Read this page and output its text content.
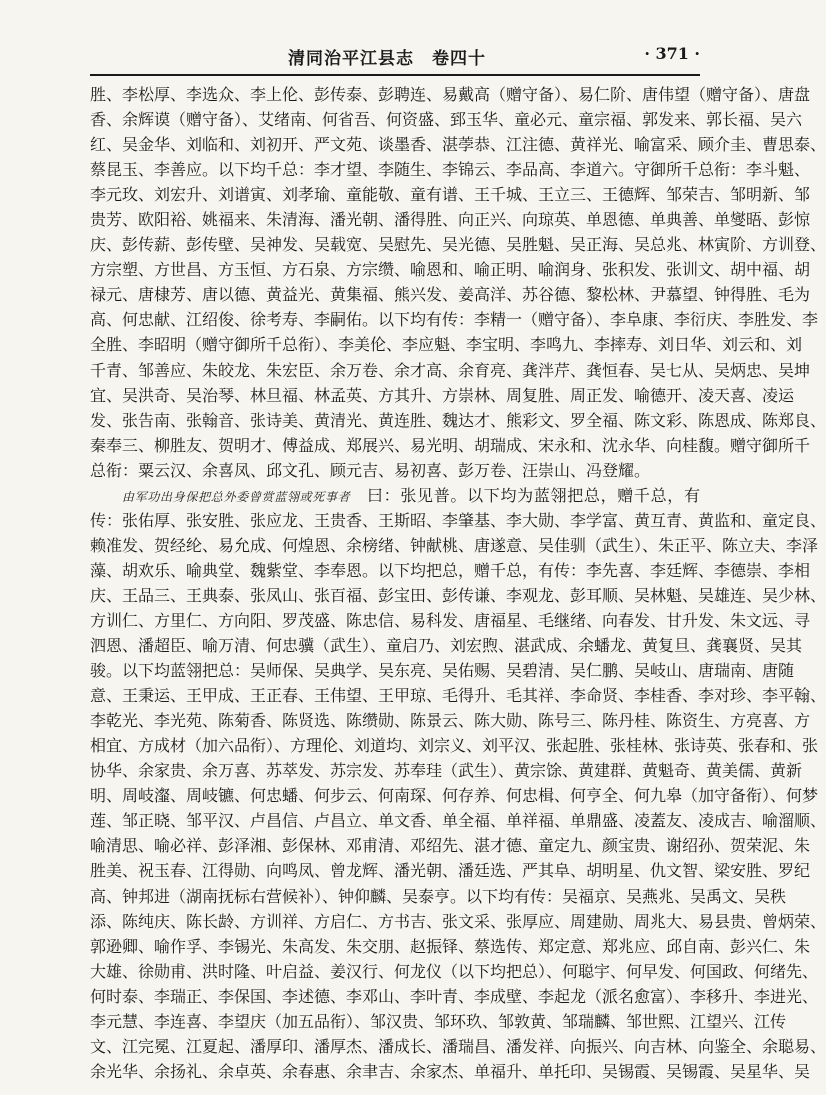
清同治平江县志　卷四十	· 371 ·
胜、李松厚、李选众、李上伦、彭传泰、彭聘连、易戴高（赠守备）、易仁阶、唐伟望（赠守备）、唐盘
香、余辉谟（赠守备）、艾绪南、何省吾、何资盛、郅玉华、童必元、童宗福、郭发来、郭长福、吴六
红、吴金华、刘临和、刘初开、严文苑、谈墨香、湛荸恭、江注德、黄祥光、喻富采、顾介圭、曹思泰、
蔡昆玉、李善应。以下均千总：李才望、李随生、李锦云、李品高、李道六。守御所千总衔：李斗魁、
李元玫、刘宏升、刘谱寅、刘孝瑜、童能敬、童有谱、王千城、王立三、王德辉、邹荣吉、邹明新、邹
贵芳、欧阳裕、姚福来、朱清海、潘光朝、潘得胜、向正兴、向琼英、单恩德、单典善、单燮晤、彭惊
庆、彭传薪、彭传壁、吴神发、吴载宽、吴慰先、吴光德、吴胜魁、吴正海、吴总兆、林寅阶、方训登、
方宗塑、方世昌、方玉恒、方石泉、方宗缵、喻恩和、喻正明、喻润身、张积发、张训文、胡中福、胡
禄元、唐棣芳、唐以德、黄益光、黄集福、熊兴发、姜高洋、苏谷德、黎松林、尹慕望、钟得胜、毛为
高、何忠献、江绍俊、徐考寿、李嗣佑。以下均有传：李精一（赠守备）、李阜康、李衍庆、李胜发、李
全胜、李昭明（赠守御所千总衔）、李美伦、李应魁、李宝明、李鸣九、李摔寿、刘日华、刘云和、刘
千青、邹善应、朱皎龙、朱宏臣、余万卷、余才高、余育亮、龚泮芹、龚恒春、吴七从、吴炳忠、吴坤
宜、吴洪奇、吴治琴、林旦福、林孟英、方其升、方崇林、周复胜、周正发、喻德开、凌天喜、凌运
发、张告南、张翰音、张诗美、黄清光、黄连胜、魏达才、熊彩文、罗全福、陈文彩、陈恩成、陈郑良、
秦奉三、柳胜友、贺明才、傅益成、郑展兴、易光明、胡瑞成、宋永和、沈永华、向桂馥。赠守御所千
总衔：粟云汉、余喜凤、邱文孔、顾元吉、易初喜、彭万卷、汪崇山、冯登耀。
由军功出身保把总外委曾赏蓝翎或死事者　曰：张见普。以下均为蓝翎把总，赠千总，有
传：张佑厚、张安胜、张应龙、王贵香、王斯昭、李肇基、李大勋、李学富、黄互青、黄监和、童定良、
赖准发、贺经纶、易允成、何煌恩、余榜绪、钟献桃、唐遂意、吴佳驯（武生）、朱正平、陈立夫、李泽
藻、胡欢乐、喻典堂、魏紫堂、李奉恩。以下均把总，赠千总，有传：李先喜、李廷辉、李德崇、李相
庆、王品三、王典泰、张凤山、张百福、彭宝田、彭传谦、李观龙、彭耳顺、吴林魁、吴雄连、吴少林、
方训仁、方里仁、方向阳、罗茂盛、陈忠信、易科发、唐福星、毛继绪、向春发、甘升发、朱文远、寻
泗恩、潘超臣、喻万清、何忠骥（武生）、童启乃、刘宏煦、湛武成、余蟠龙、黄复旦、龚襄贤、吴其
骏。以下均蓝翎把总：吴师保、吴典学、吴东亮、吴佑赐、吴碧清、吴仁鹏、吴岐山、唐瑞南、唐随
意、王秉运、王甲成、王正春、王伟望、王甲琼、毛得升、毛其祥、李命贤、李桂香、李对珍、李平翰、
李乾光、李光苑、陈菊香、陈贤选、陈缵勋、陈景云、陈大勋、陈号三、陈丹桂、陈资生、方亮喜、方
相宜、方成材（加六品衔）、方理伦、刘道均、刘宗义、刘平汉、张起胜、张桂林、张诗英、张春和、张
协华、余家贵、余万喜、苏萃发、苏宗发、苏奉珪（武生）、黄宗馀、黄建群、黄魁奇、黄美儒、黄新
明、周岐瀣、周岐镳、何忠蟠、何步云、何南琛、何存养、何忠楫、何亨全、何九皋（加守备衔）、何梦
莲、邹正晓、邹平汉、卢昌信、卢昌立、单文香、单全福、单祥福、单鼎盛、凌蓋友、凌成吉、喻溜顺、
喻清思、喻必祥、彭泽湘、彭保林、邓甫清、邓绍先、湛才德、童定九、颜宝贵、谢绍孙、贺荣泥、朱
胜美、祝玉春、江得勋、向鸣凤、曾龙辉、潘光朝、潘廷选、严其阜、胡明星、仇文智、梁安胜、罗纪
高、钟邦进（湖南抚标右营候补）、钟仰麟、吴泰亨。以下均有传：吴福京、吴燕兆、吴禹文、吴秩
添、陈纯庆、陈长龄、方训祥、方启仁、方书吉、张文采、张厚应、周建勋、周兆大、易县贵、曾炳荣、
郭逊卿、喻作孚、李锡光、朱高发、朱交朋、赵振铎、蔡选传、郑定意、郑兆应、邱自南、彭兴仁、朱
大雄、徐勋甫、洪时隆、叶启益、姜汉行、何龙仪（以下均把总）、何聪宇、何早发、何国政、何绪先、
何时泰、李瑞正、李保国、李述德、李邓山、李叶青、李成壁、李起龙（派名愈富）、李移升、李进光、
李元慧、李连喜、李望庆（加五品衔）、邹汉贵、邹环玖、邹敦黄、邹瑞麟、邹世熙、江望兴、江传
文、江完冕、江夏起、潘厚印、潘厚杰、潘成长、潘瑞昌、潘发祥、向振兴、向吉林、向鉴全、余聪易、
余光华、余扬礼、余卓英、余春惠、余聿吉、余家杰、单福升、单托印、吴锡霞、吴锡霞、吴星华、吴
